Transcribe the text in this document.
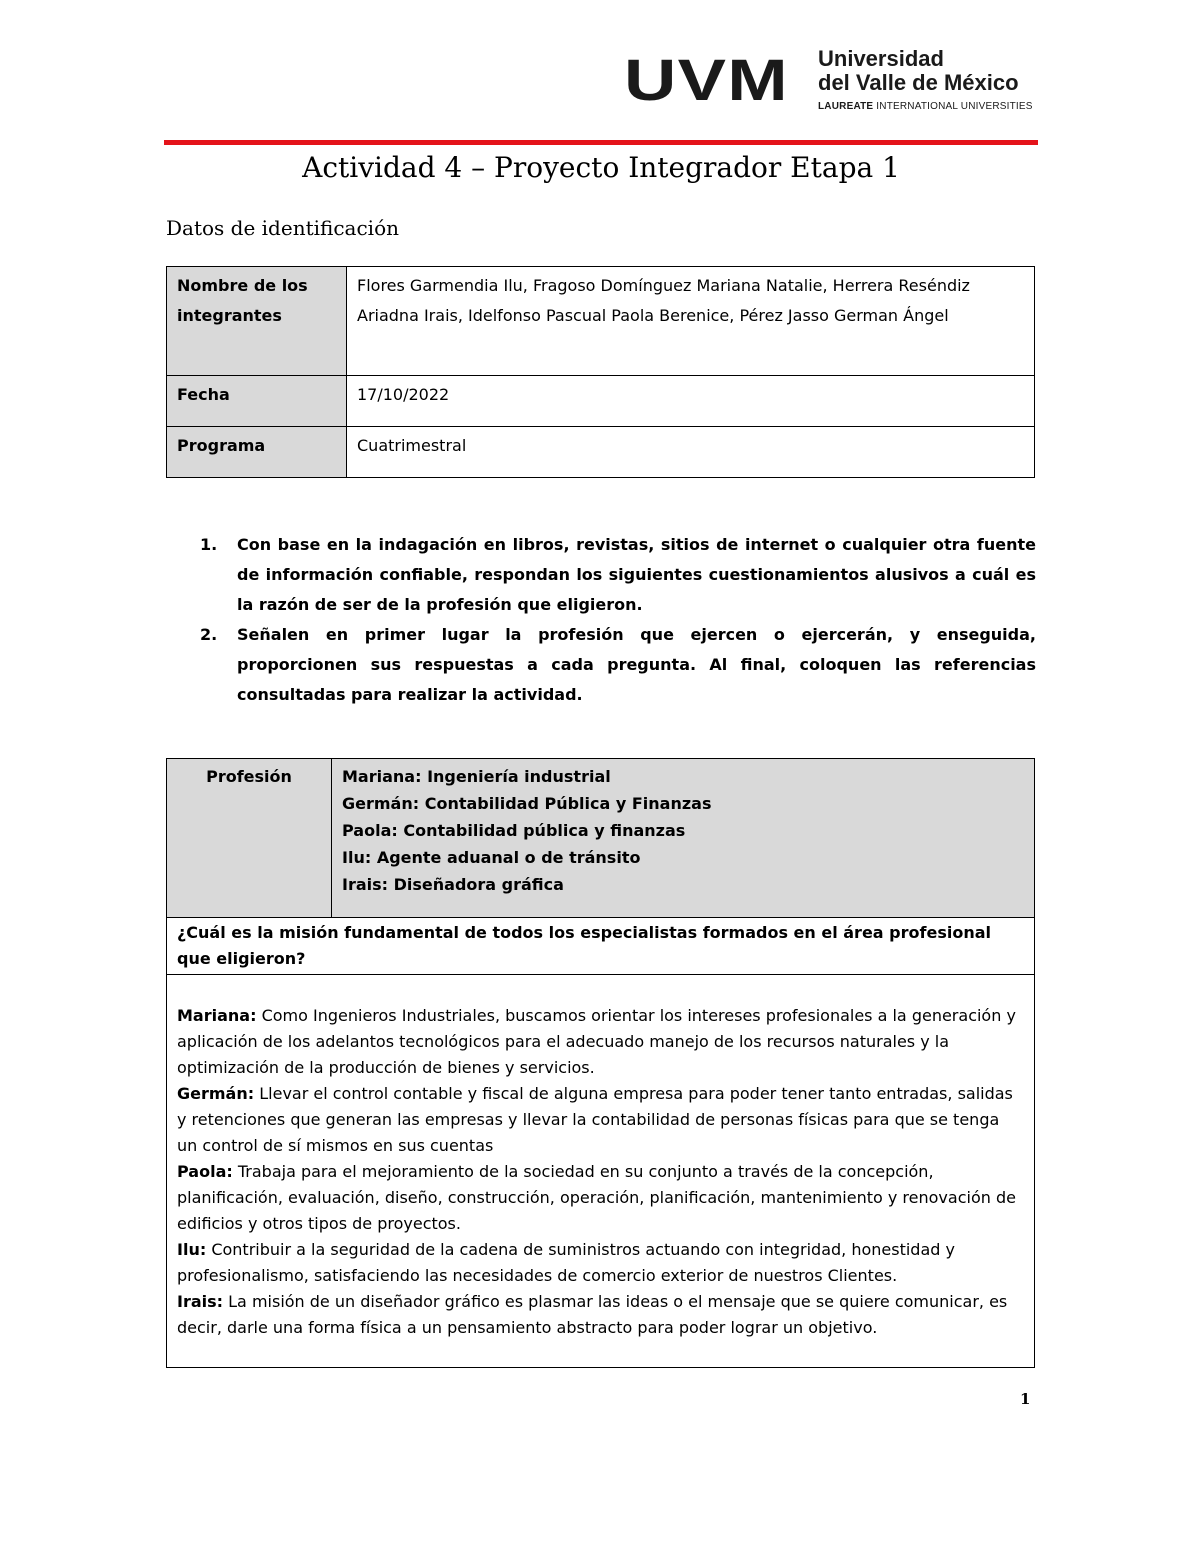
UVM Universidad
del Valle de México
LAUREATE INTERNATIONAL UNIVERSITIES
Actividad 4 – Proyecto Integrador Etapa 1
Datos de identificación
Nombre de los integrantes	Flores Garmendia Ilu, Fragoso Domínguez Mariana Natalie, Herrera Reséndiz Ariadna Irais, Idelfonso Pascual Paola Berenice, Pérez Jasso German Ángel
Fecha	17/10/2022
Programa	Cuatrimestral
1. Con base en la indagación en libros, revistas, sitios de internet o cualquier otra fuente de información confiable, respondan los siguientes cuestionamientos alusivos a cuál es la razón de ser de la profesión que eligieron.
2. Señalen en primer lugar la profesión que ejercen o ejercerán, y enseguida, proporcionen sus respuestas a cada pregunta. Al final, coloquen las referencias consultadas para realizar la actividad.
Profesión	Mariana: Ingeniería industrial
Germán: Contabilidad Pública y Finanzas
Paola: Contabilidad pública y finanzas
Ilu: Agente aduanal o de tránsito
Irais: Diseñadora gráfica

¿Cuál es la misión fundamental de todos los especialistas formados en el área profesional que eligieron?

Mariana: Como Ingenieros Industriales, buscamos orientar los intereses profesionales a la generación y aplicación de los adelantos tecnológicos para el adecuado manejo de los recursos naturales y la optimización de la producción de bienes y servicios.
Germán: Llevar el control contable y fiscal de alguna empresa para poder tener tanto entradas, salidas y retenciones que generan las empresas y llevar la contabilidad de personas físicas para que se tenga un control de sí mismos en sus cuentas
Paola: Trabaja para el mejoramiento de la sociedad en su conjunto a través de la concepción, planificación, evaluación, diseño, construcción, operación, planificación, mantenimiento y renovación de edificios y otros tipos de proyectos.
Ilu: Contribuir a la seguridad de la cadena de suministros actuando con integridad, honestidad y profesionalismo, satisfaciendo las necesidades de comercio exterior de nuestros Clientes.
Irais: La misión de un diseñador gráfico es plasmar las ideas o el mensaje que se quiere comunicar, es decir, darle una forma física a un pensamiento abstracto para poder lograr un objetivo.
1
